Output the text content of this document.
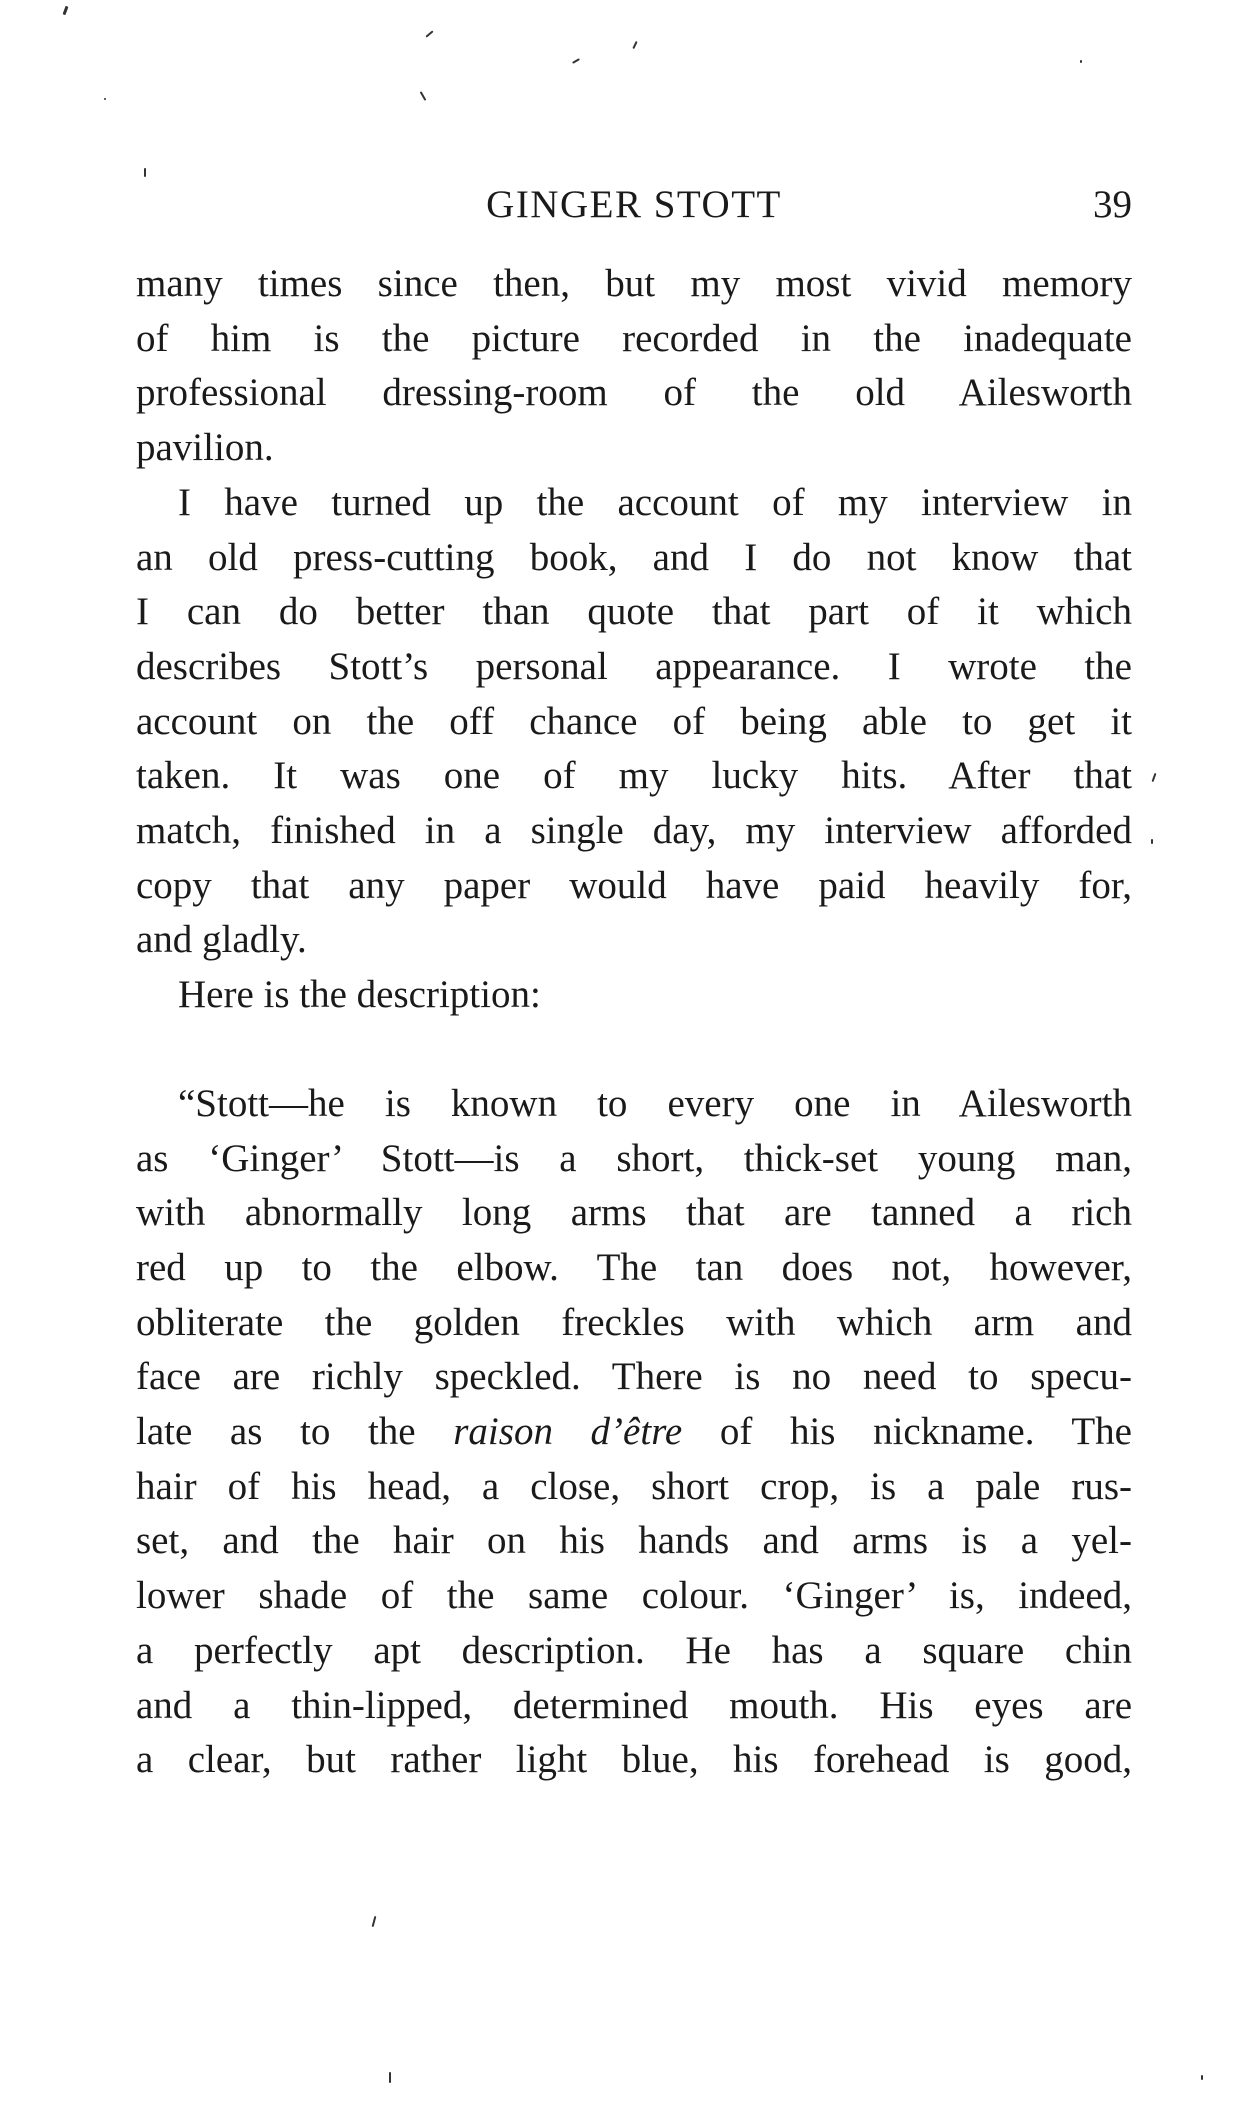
GINGER STOTT	39
many times since then, but my most vivid memory
of him is the picture recorded in the inadequate
professional dressing-room of the old Ailesworth
pavilion.
I have turned up the account of my interview in
an old press-cutting book, and I do not know that
I can do better than quote that part of it which
describes Stott’s personal appearance. I wrote the
account on the off chance of being able to get it
taken. It was one of my lucky hits. After that
match, finished in a single day, my interview afforded
copy that any paper would have paid heavily for,
and gladly.
Here is the description:
“Stott—he is known to every one in Ailesworth
as ‘Ginger’ Stott—is a short, thick-set young man,
with abnormally long arms that are tanned a rich
red up to the elbow. The tan does not, however,
obliterate the golden freckles with which arm and
face are richly speckled. There is no need to specu-
late as to the raison d’être of his nickname. The
hair of his head, a close, short crop, is a pale rus-
set, and the hair on his hands and arms is a yel-
lower shade of the same colour. ‘Ginger’ is, indeed,
a perfectly apt description. He has a square chin
and a thin-lipped, determined mouth. His eyes are
a clear, but rather light blue, his forehead is good,
